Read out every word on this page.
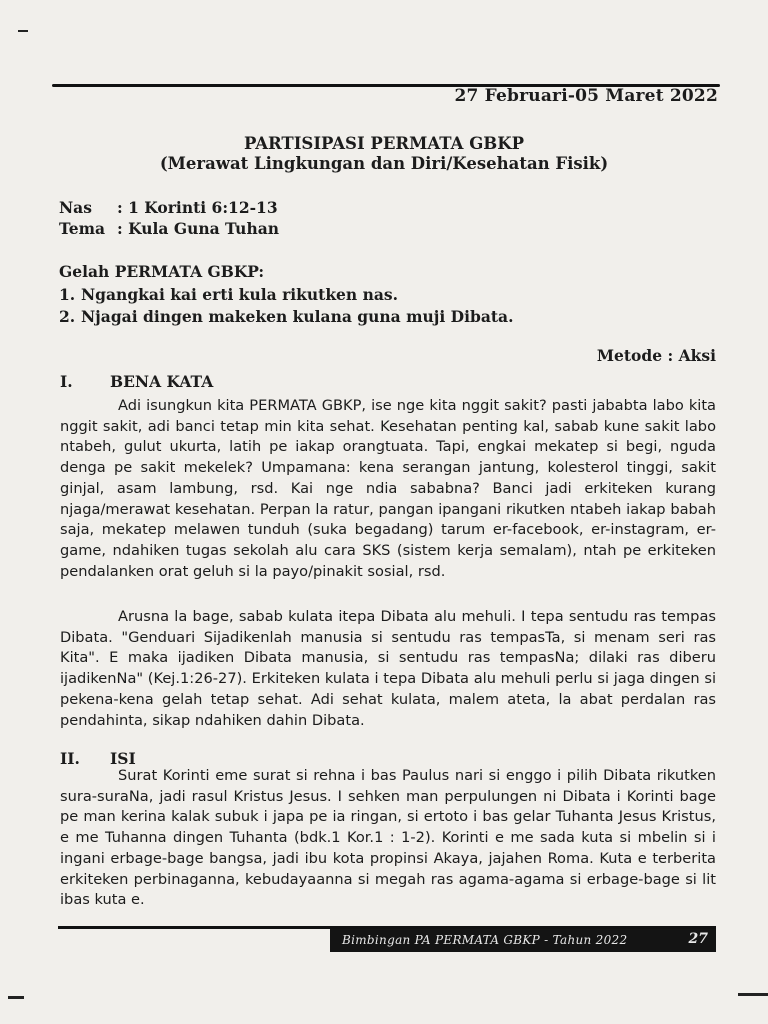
27 Februari-05 Maret 2022
PARTISIPASI PERMATA GBKP
(Merawat Lingkungan dan Diri/Kesehatan Fisik)
Nas : 1 Korinti 6:12-13
Tema : Kula Guna Tuhan
Gelah PERMATA GBKP:
1. Ngangkai kai erti kula rikutken nas.
2. Njagai dingen makeken kulana guna muji Dibata.
Metode : Aksi
I. BENA KATA

Adi isungkun kita PERMATA GBKP, ise nge kita nggit sakit? pasti jababta labo kita nggit sakit, adi banci tetap min kita sehat. Kesehatan penting kal, sabab kune sakit labo ntabeh, gulut ukurta, latih pe iakap orangtuata. Tapi, engkai mekatep si begi, nguda denga pe sakit mekelek? Umpamana: kena serangan jantung, kolesterol tinggi, sakit ginjal, asam lambung, rsd. Kai nge ndia sababna? Banci jadi erkiteken kurang njaga/merawat kesehatan. Perpan la ratur, pangan ipangani rikutken ntabeh iakap babah saja, mekatep melawen tunduh (suka begadang) tarum er-facebook, er-instagram, er-game, ndahiken tugas sekolah alu cara SKS (sistem kerja semalam), ntah pe erkiteken pendalanken orat geluh si la payo/pinakit sosial, rsd.

Arusna la bage, sabab kulata itepa Dibata alu mehuli. I tepa sentudu ras tempas Dibata. "Genduari Sijadikenlah manusia si sentudu ras tempasTa, si menam seri ras Kita". E maka ijadiken Dibata manusia, si sentudu ras tempasNa; dilaki ras diberu ijadikenNa" (Kej.1:26-27). Erkiteken kulata i tepa Dibata alu mehuli perlu si jaga dingen si pekena-kena gelah tetap sehat. Adi sehat kulata, malem ateta, la abat perdalan ras pendahinta, sikap ndahiken dahin Dibata.

II. ISI

Surat Korinti eme surat si rehna i bas Paulus nari si enggo i pilih Dibata rikutken sura-suraNa, jadi rasul Kristus Jesus. I sehken man perpulungen ni Dibata i Korinti bage pe man kerina kalak subuk i japa pe ia ringan, si ertoto i bas gelar Tuhanta Jesus Kristus, e me Tuhanna dingen Tuhanta (bdk.1 Kor.1 : 1-2). Korinti e me sada kuta si mbelin si i ingani erbage-bage bangsa, jadi ibu kota propinsi Akaya, jajahen Roma. Kuta e terberita erkiteken perbinaganna, kebudayaanna si megah ras agama-agama si erbage-bage si lit ibas kuta e.

Bimbingan PA PERMATA GBKP - Tahun 2022	27
